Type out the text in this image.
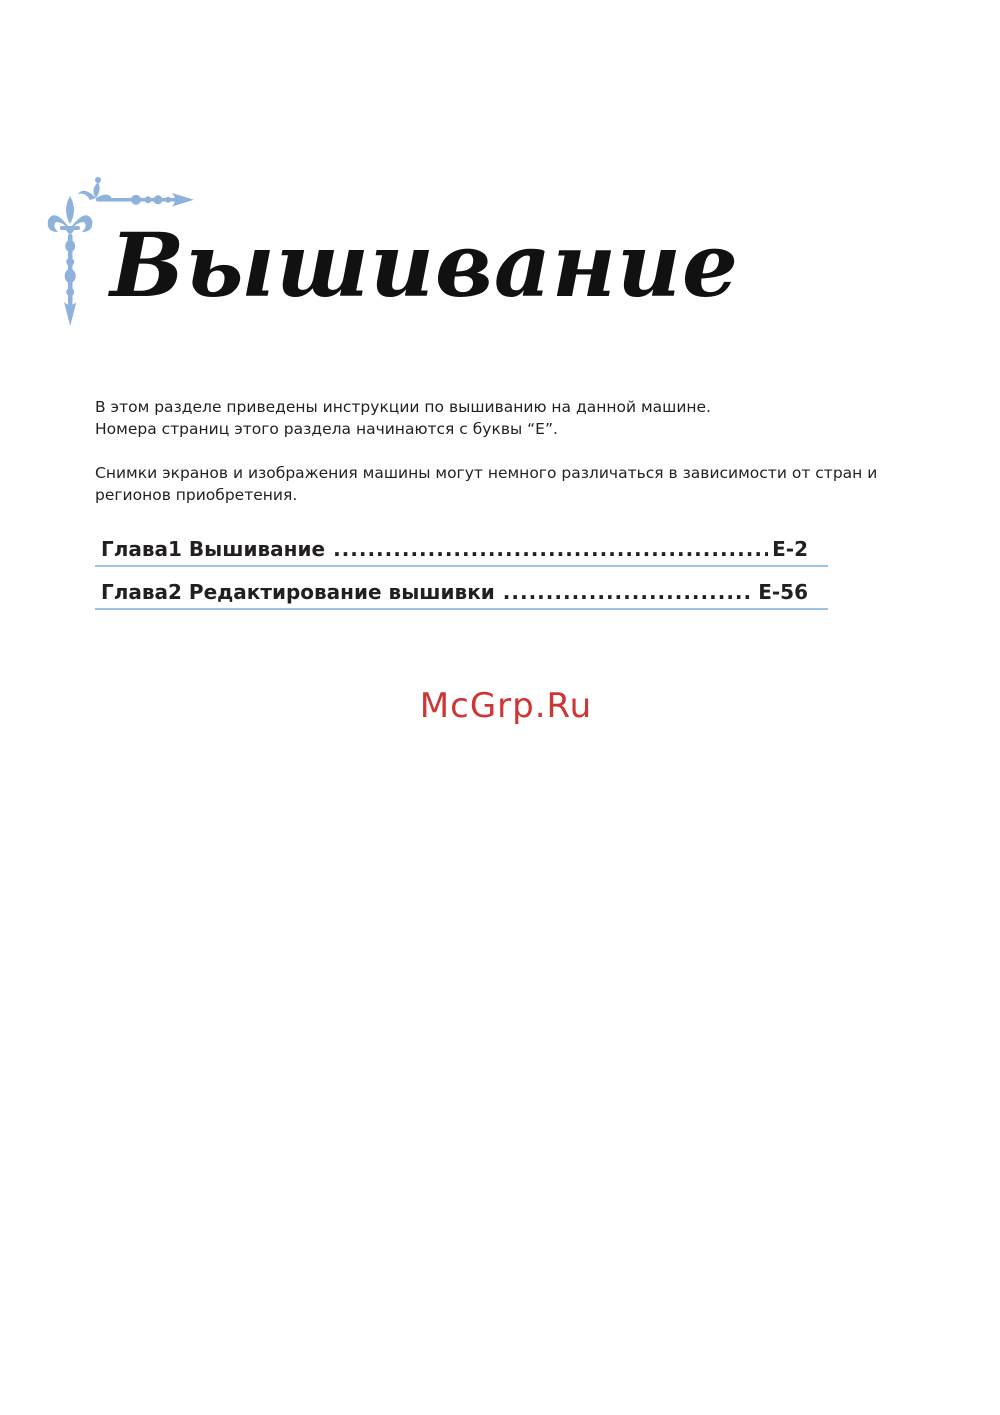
Вышивание

В этом разделе приведены инструкции по вышиванию на данной машине.

Номера страниц этого раздела начинаются с буквы “E”.

Снимки экранов и изображения машины могут немного различаться в зависимости от стран и регионов приобретения.

Глава1 Вышивание .....	E-2
Глава2 Редактирование вышивки .....	E-56
McGrp.Ru
